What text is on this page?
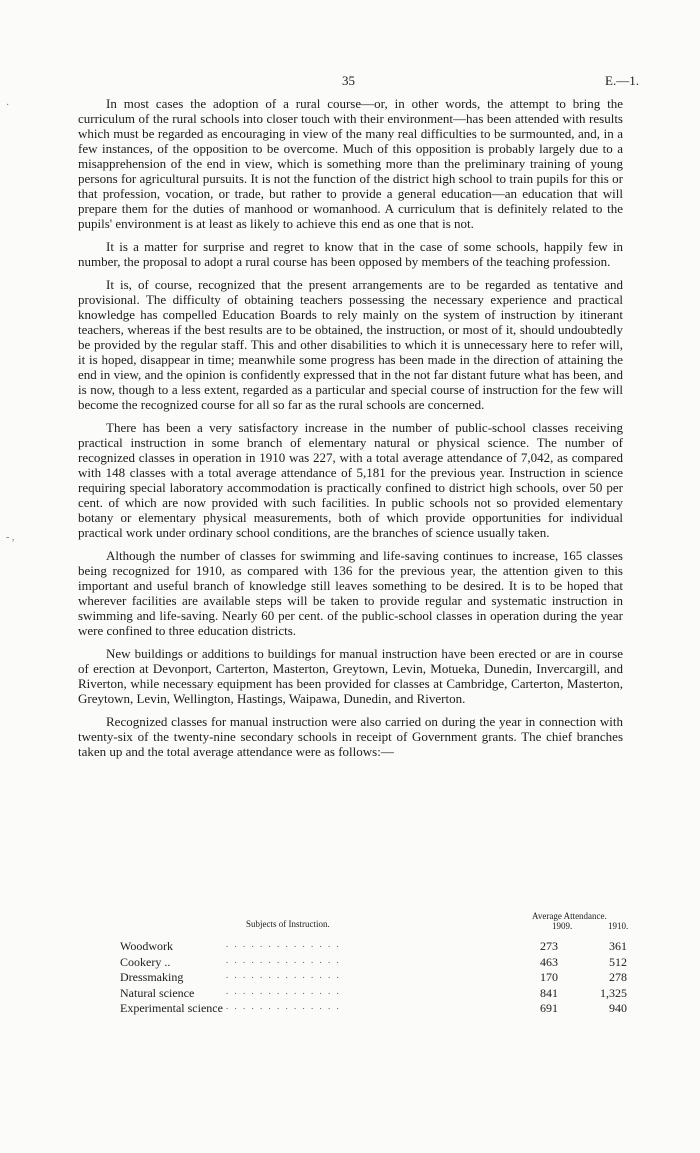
35	E.—1.
·
‑ ,

In most cases the adoption of a rural course—or, in other words, the attempt to bring the curriculum of the rural schools into closer touch with their environment—has been attended with results which must be regarded as encouraging in view of the many real difficulties to be surmounted, and, in a few instances, of the opposition to be overcome. Much of this opposition is probably largely due to a misapprehension of the end in view, which is something more than the preliminary training of young persons for agricultural pursuits. It is not the function of the district high school to train pupils for this or that profession, vocation, or trade, but rather to provide a general education—an education that will prepare them for the duties of manhood or womanhood. A curriculum that is definitely related to the pupils' environment is at least as likely to achieve this end as one that is not.

It is a matter for surprise and regret to know that in the case of some schools, happily few in number, the proposal to adopt a rural course has been opposed by members of the teaching profession.

It is, of course, recognized that the present arrangements are to be regarded as tentative and provisional. The difficulty of obtaining teachers possessing the necessary experience and practical knowledge has compelled Education Boards to rely mainly on the system of instruction by itinerant teachers, whereas if the best results are to be obtained, the instruction, or most of it, should undoubtedly be provided by the regular staff. This and other disabilities to which it is unnecessary here to refer will, it is hoped, disappear in time; meanwhile some progress has been made in the direction of attaining the end in view, and the opinion is confidently expressed that in the not far distant future what has been, and is now, though to a less extent, regarded as a particular and special course of instruction for the few will become the recognized course for all so far as the rural schools are concerned.

There has been a very satisfactory increase in the number of public-school classes receiving practical instruction in some branch of elementary natural or physical science. The number of recognized classes in operation in 1910 was 227, with a total average attendance of 7,042, as compared with 148 classes with a total average attendance of 5,181 for the previous year. Instruction in science requiring special laboratory accommodation is practically confined to district high schools, over 50 per cent. of which are now provided with such facilities. In public schools not so provided elementary botany or elementary physical measurements, both of which provide opportunities for individual practical work under ordinary school conditions, are the branches of science usually taken.

Although the number of classes for swimming and life-saving continues to increase, 165 classes being recognized for 1910, as compared with 136 for the previous year, the attention given to this important and useful branch of knowledge still leaves something to be desired. It is to be hoped that wherever facilities are available steps will be taken to provide regular and systematic instruction in swimming and life-saving. Nearly 60 per cent. of the public-school classes in operation during the year were confined to three education districts.

New buildings or additions to buildings for manual instruction have been erected or are in course of erection at Devonport, Carterton, Masterton, Greytown, Levin, Motueka, Dunedin, Invercargill, and Riverton, while necessary equipment has been provided for classes at Cambridge, Carterton, Masterton, Greytown, Levin, Wellington, Hastings, Waipawa, Dunedin, and Riverton.

Recognized classes for manual instruction were also carried on during the year in connection with twenty-six of the twenty-nine secondary schools in receipt of Government grants. The chief branches taken up and the total average attendance were as follows:—

Subjects of Instruction.
Average Attendance.
1909.	1910.
Woodwork	. . . . . . . . . . . . . .	273	361
Cookery ..	. . . . . . . . . . . . . .	463	512
Dressmaking	. . . . . . . . . . . . . .	170	278
Natural science	. . . . . . . . . . . . . .	841	1,325
Experimental science . . . . . . . . . . . . . .	691	940
